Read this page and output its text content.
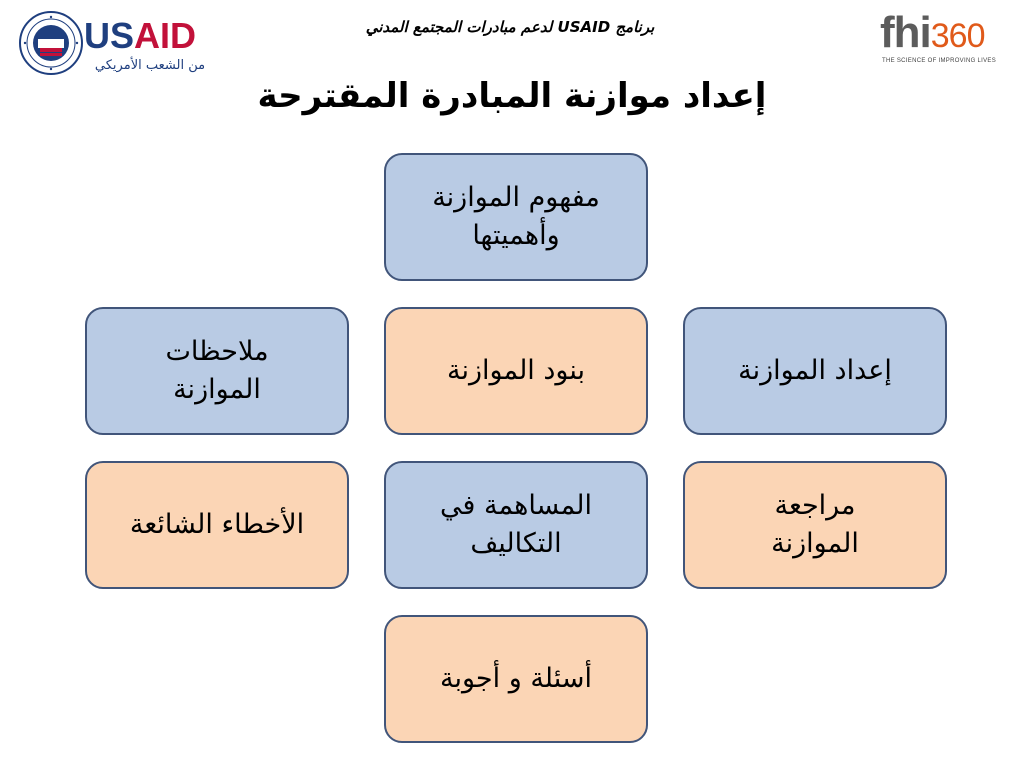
USAID
من الشعب الأمريكي
برنامج USAID لدعم مبادرات المجتمع المدني	fhi360
THE SCIENCE OF IMPROVING LIVES
إعداد موازنة المبادرة المقترحة
مفهوم الموازنة
وأهميتها
ملاحظات
الموازنة
بنود الموازنة	إعداد الموازنة
الأخطاء الشائعة
المساهمة في
التكاليف
مراجعة
الموازنة
أسئلة و أجوبة
